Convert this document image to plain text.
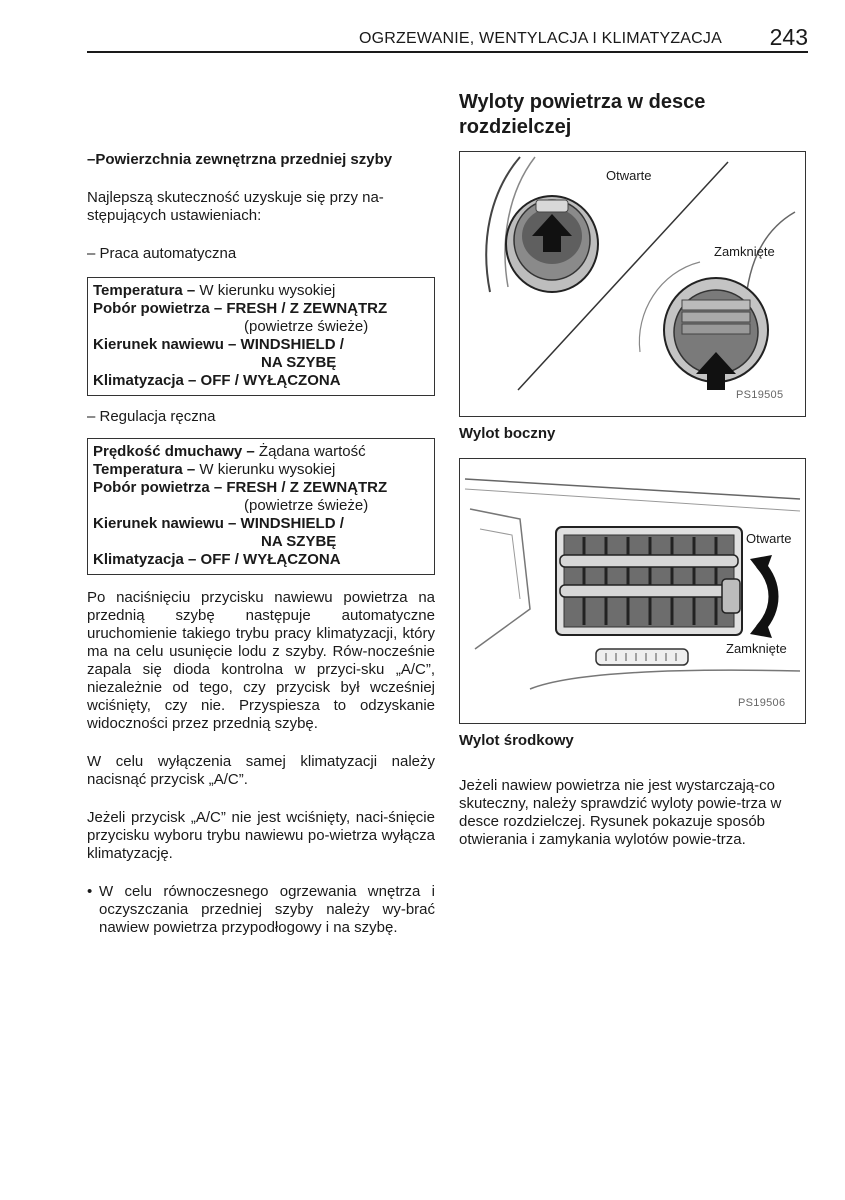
OGRZEWANIE, WENTYLACJA I KLIMATYZACJA	243
–Powierzchnia zewnętrzna przedniej szyby
Najlepszą skuteczność uzyskuje się przy na-
stępujących ustawieniach:
– Praca automatyczna
Temperatura – W kierunku wysokiej
Pobór powietrza – FRESH / Z ZEWNĄTRZ
(powietrze świeże)
Kierunek nawiewu – WINDSHIELD /
NA SZYBĘ
Klimatyzacja – OFF / WYŁĄCZONA
– Regulacja ręczna
Prędkość dmuchawy – Żądana wartość
Temperatura – W kierunku wysokiej
Pobór powietrza – FRESH / Z ZEWNĄTRZ
(powietrze świeże)
Kierunek nawiewu – WINDSHIELD /
NA SZYBĘ
Klimatyzacja – OFF / WYŁĄCZONA
Po naciśnięciu przycisku nawiewu powietrza na przednią szybę następuje automatyczne uruchomienie takiego trybu pracy klimatyzacji, który ma na celu usunięcie lodu z szyby. Rów-nocześnie zapala się dioda kontrolna w przyci-sku „A/C”, niezależnie od tego, czy przycisk był wcześniej wciśnięty, czy nie. Przyspiesza to odzyskanie widoczności przez przednią szybę.
W celu wyłączenia samej klimatyzacji należy nacisnąć przycisk „A/C”.
Jeżeli przycisk „A/C” nie jest wciśnięty, naci-śnięcie przycisku wyboru trybu nawiewu po-wietrza wyłącza klimatyzację.
• W celu równoczesnego ogrzewania wnętrza i oczyszczania przedniej szyby należy wy-brać nawiew powietrza przypodłogowy i na szybę.
Wyloty powietrza w desce rozdzielczej
Otwarte
Zamknięte
PS19505
Wylot boczny
Otwarte
Zamknięte
PS19506
Wylot środkowy
Jeżeli nawiew powietrza nie jest wystarczają-co skuteczny, należy sprawdzić wyloty powie-trza w desce rozdzielczej. Rysunek pokazuje sposób otwierania i zamykania wylotów powie-trza.
